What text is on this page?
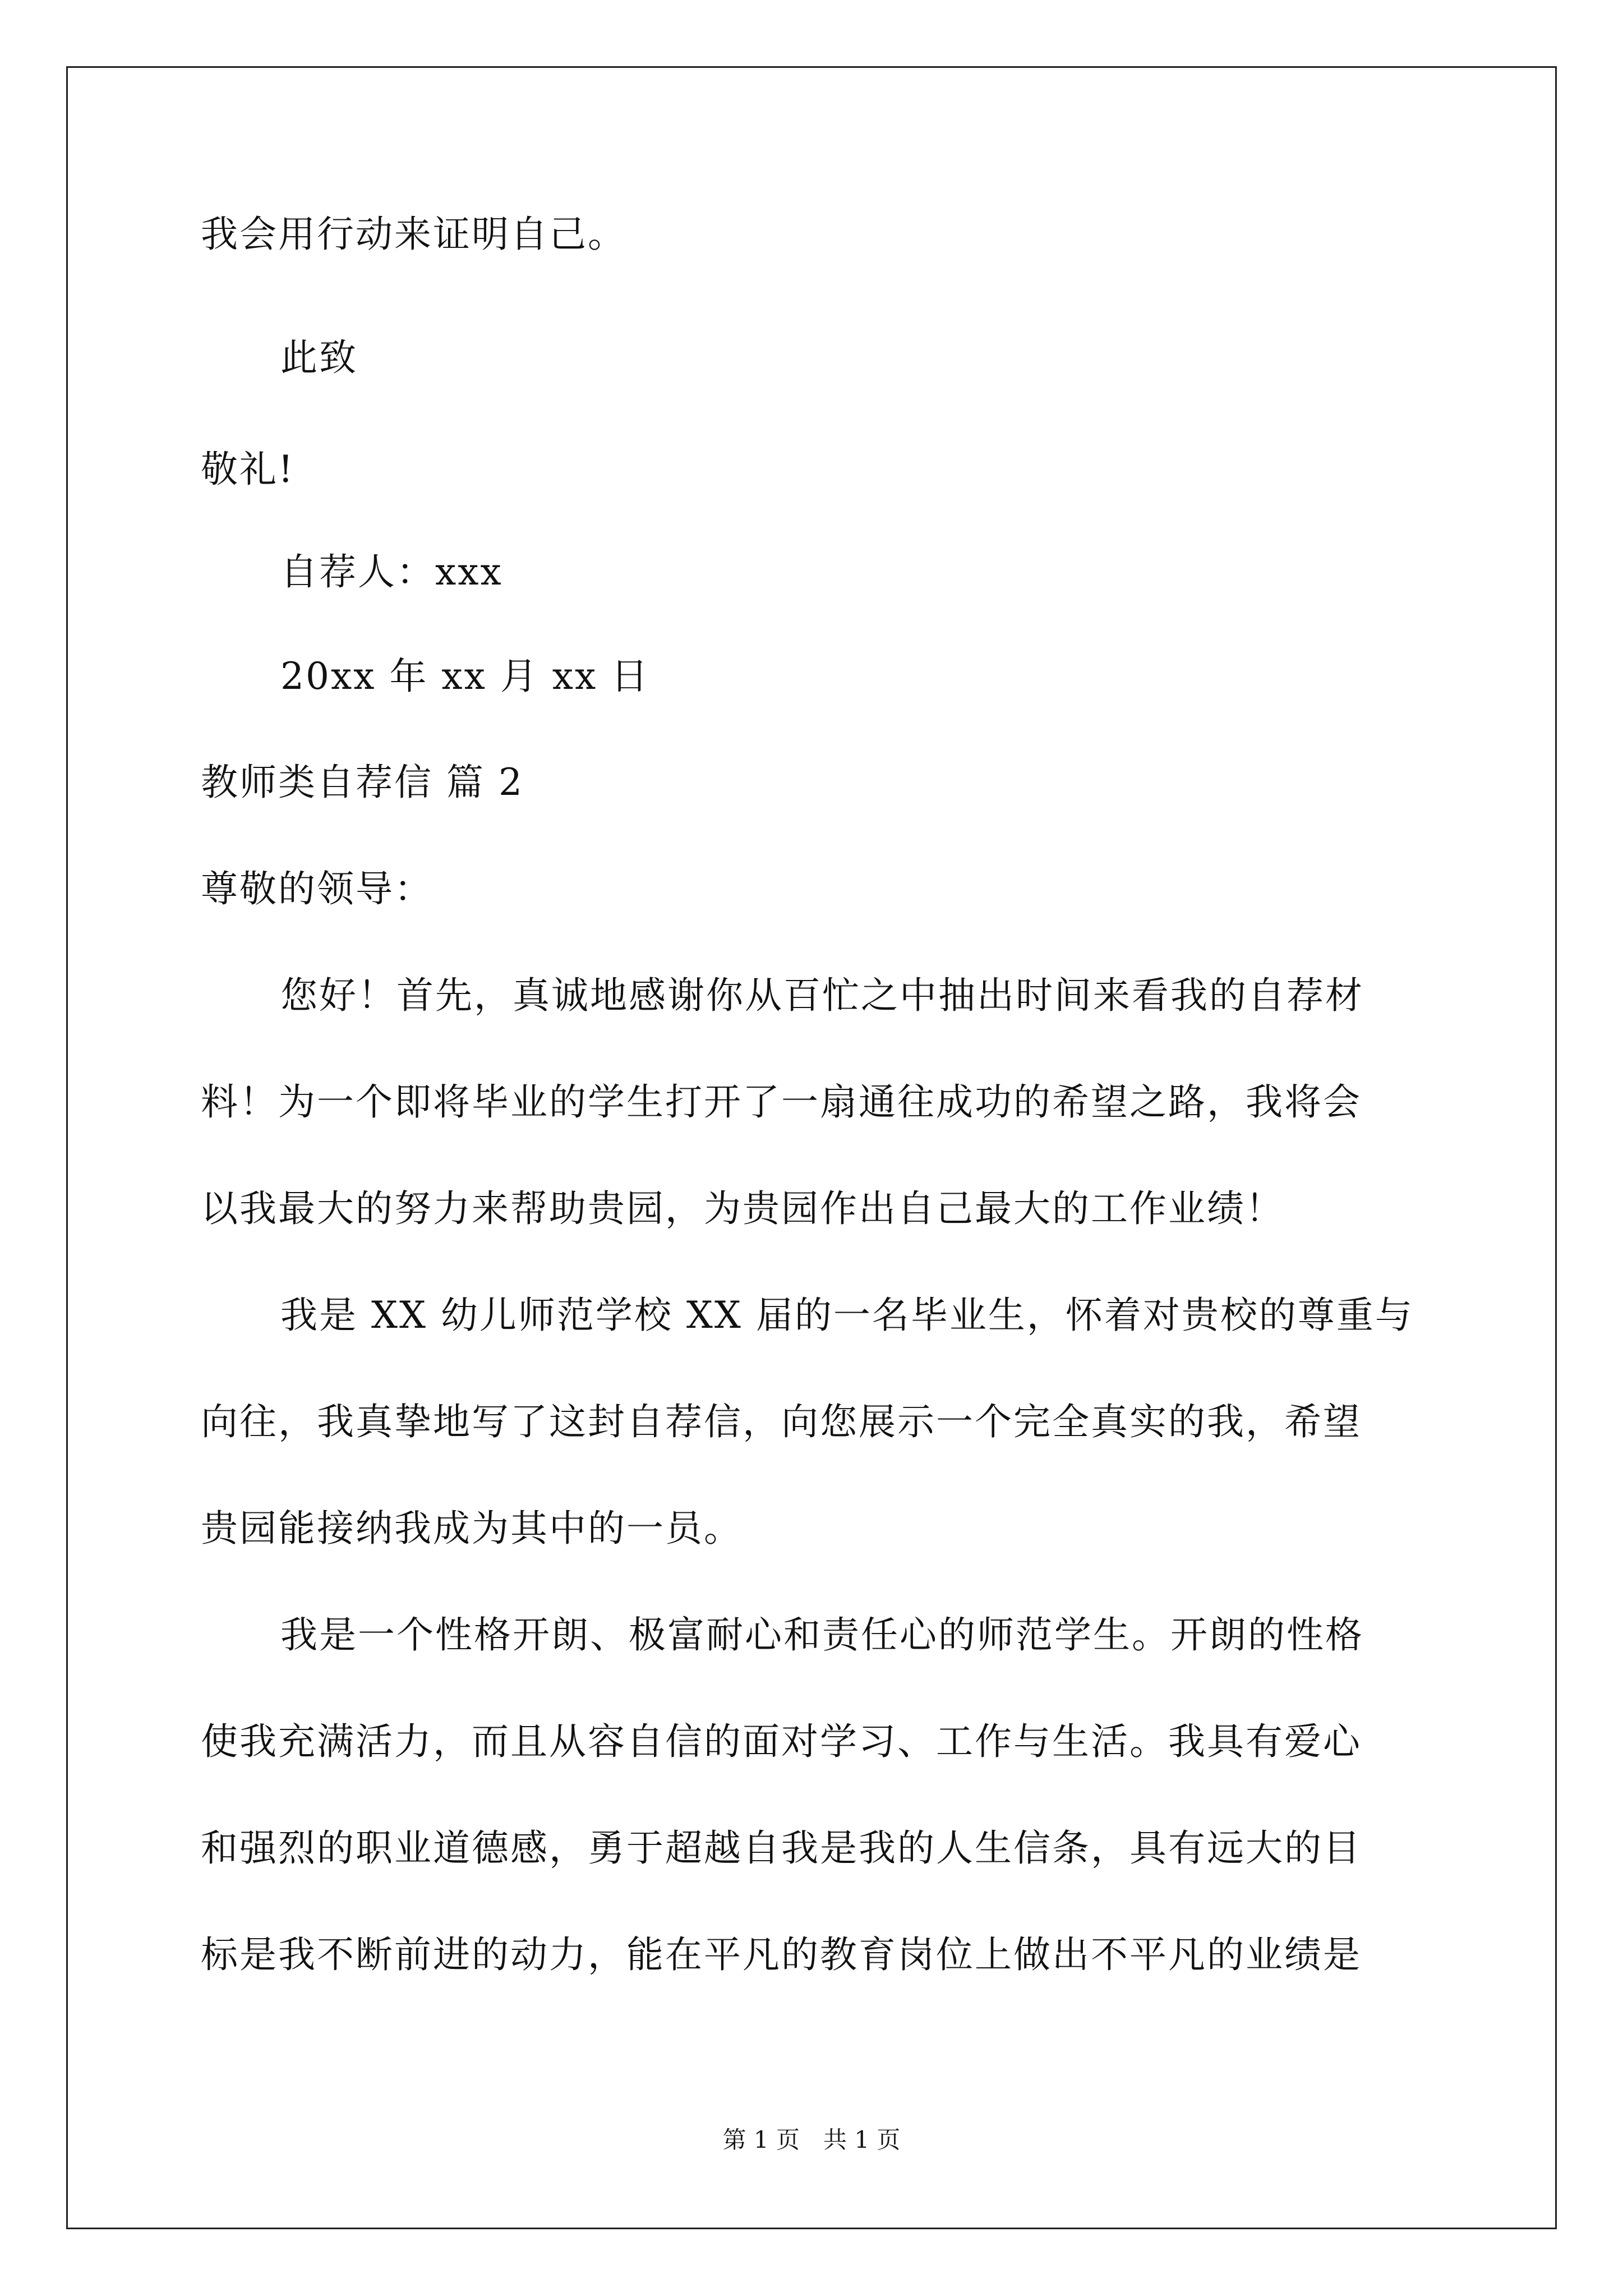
我会用行动来证明自己。
此致
敬礼!
自荐人：xxx
20xx 年 xx 月 xx 日
教师类自荐信 篇 2
尊敬的领导：
您好！首先，真诚地感谢你从百忙之中抽出时间来看我的自荐材
料！为一个即将毕业的学生打开了一扇通往成功的希望之路，我将会
以我最大的努力来帮助贵园，为贵园作出自己最大的工作业绩！
我是 XX 幼儿师范学校 XX 届的一名毕业生，怀着对贵校的尊重与
向往，我真挚地写了这封自荐信，向您展示一个完全真实的我，希望
贵园能接纳我成为其中的一员。
我是一个性格开朗、极富耐心和责任心的师范学生。开朗的性格
使我充满活力，而且从容自信的面对学习、工作与生活。我具有爱心
和强烈的职业道德感，勇于超越自我是我的人生信条，具有远大的目
标是我不断前进的动力，能在平凡的教育岗位上做出不平凡的业绩是
第 1 页　共 1 页
